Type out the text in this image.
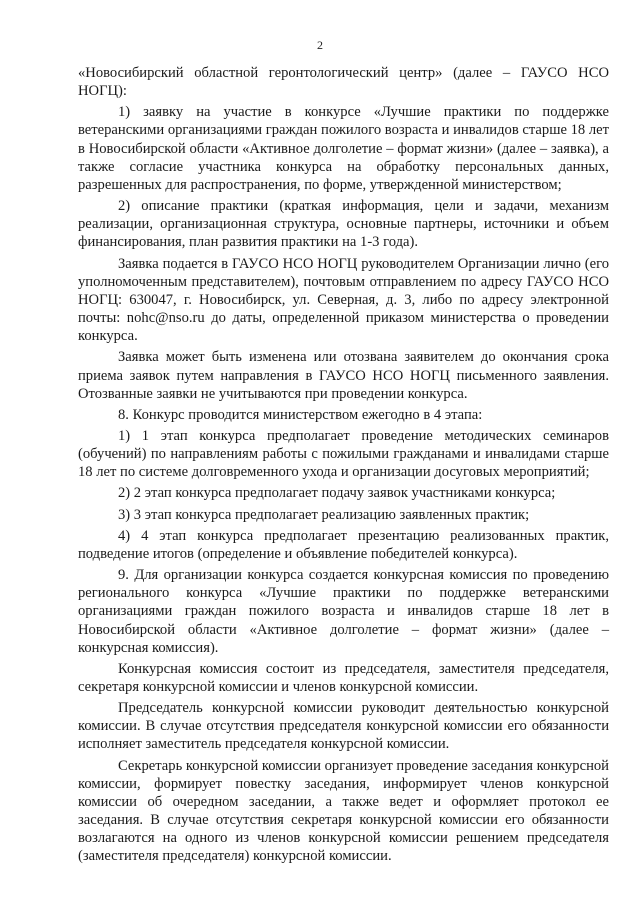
2

«Новосибирский областной геронтологический центр» (далее – ГАУСО НСО НОГЦ):

1) заявку на участие в конкурсе «Лучшие практики по поддержке ветеранскими организациями граждан пожилого возраста и инвалидов старше 18 лет в Новосибирской области «Активное долголетие – формат жизни» (далее – заявка), а также согласие участника конкурса на обработку персональных данных, разрешенных для распространения, по форме, утвержденной министерством;

2) описание практики (краткая информация, цели и задачи, механизм реализации, организационная структура, основные партнеры, источники и объем финансирования, план развития практики на 1-3 года).

Заявка подается в ГАУСО НСО НОГЦ руководителем Организации лично (его уполномоченным представителем), почтовым отправлением по адресу ГАУСО НСО НОГЦ: 630047, г. Новосибирск, ул. Северная, д. 3, либо по адресу электронной почты: nohc@nso.ru до даты, определенной приказом министерства о проведении конкурса.

Заявка может быть изменена или отозвана заявителем до окончания срока приема заявок путем направления в ГАУСО НСО НОГЦ письменного заявления. Отозванные заявки не учитываются при проведении конкурса.

8. Конкурс проводится министерством ежегодно в 4 этапа:

1) 1 этап конкурса предполагает проведение методических семинаров (обучений) по направлениям работы с пожилыми гражданами и инвалидами старше 18 лет по системе долговременного ухода и организации досуговых мероприятий;

2) 2 этап конкурса предполагает подачу заявок участниками конкурса;

3) 3 этап конкурса предполагает реализацию заявленных практик;

4) 4 этап конкурса предполагает презентацию реализованных практик, подведение итогов (определение и объявление победителей конкурса).

9. Для организации конкурса создается конкурсная комиссия по проведению регионального конкурса «Лучшие практики по поддержке ветеранскими организациями граждан пожилого возраста и инвалидов старше 18 лет в Новосибирской области «Активное долголетие – формат жизни» (далее – конкурсная комиссия).

Конкурсная комиссия состоит из председателя, заместителя председателя, секретаря конкурсной комиссии и членов конкурсной комиссии.

Председатель конкурсной комиссии руководит деятельностью конкурсной комиссии. В случае отсутствия председателя конкурсной комиссии его обязанности исполняет заместитель председателя конкурсной комиссии.

Секретарь конкурсной комиссии организует проведение заседания конкурсной комиссии, формирует повестку заседания, информирует членов конкурсной комиссии об очередном заседании, а также ведет и оформляет протокол ее заседания. В случае отсутствия секретаря конкурсной комиссии его обязанности возлагаются на одного из членов конкурсной комиссии решением председателя (заместителя председателя) конкурсной комиссии.
